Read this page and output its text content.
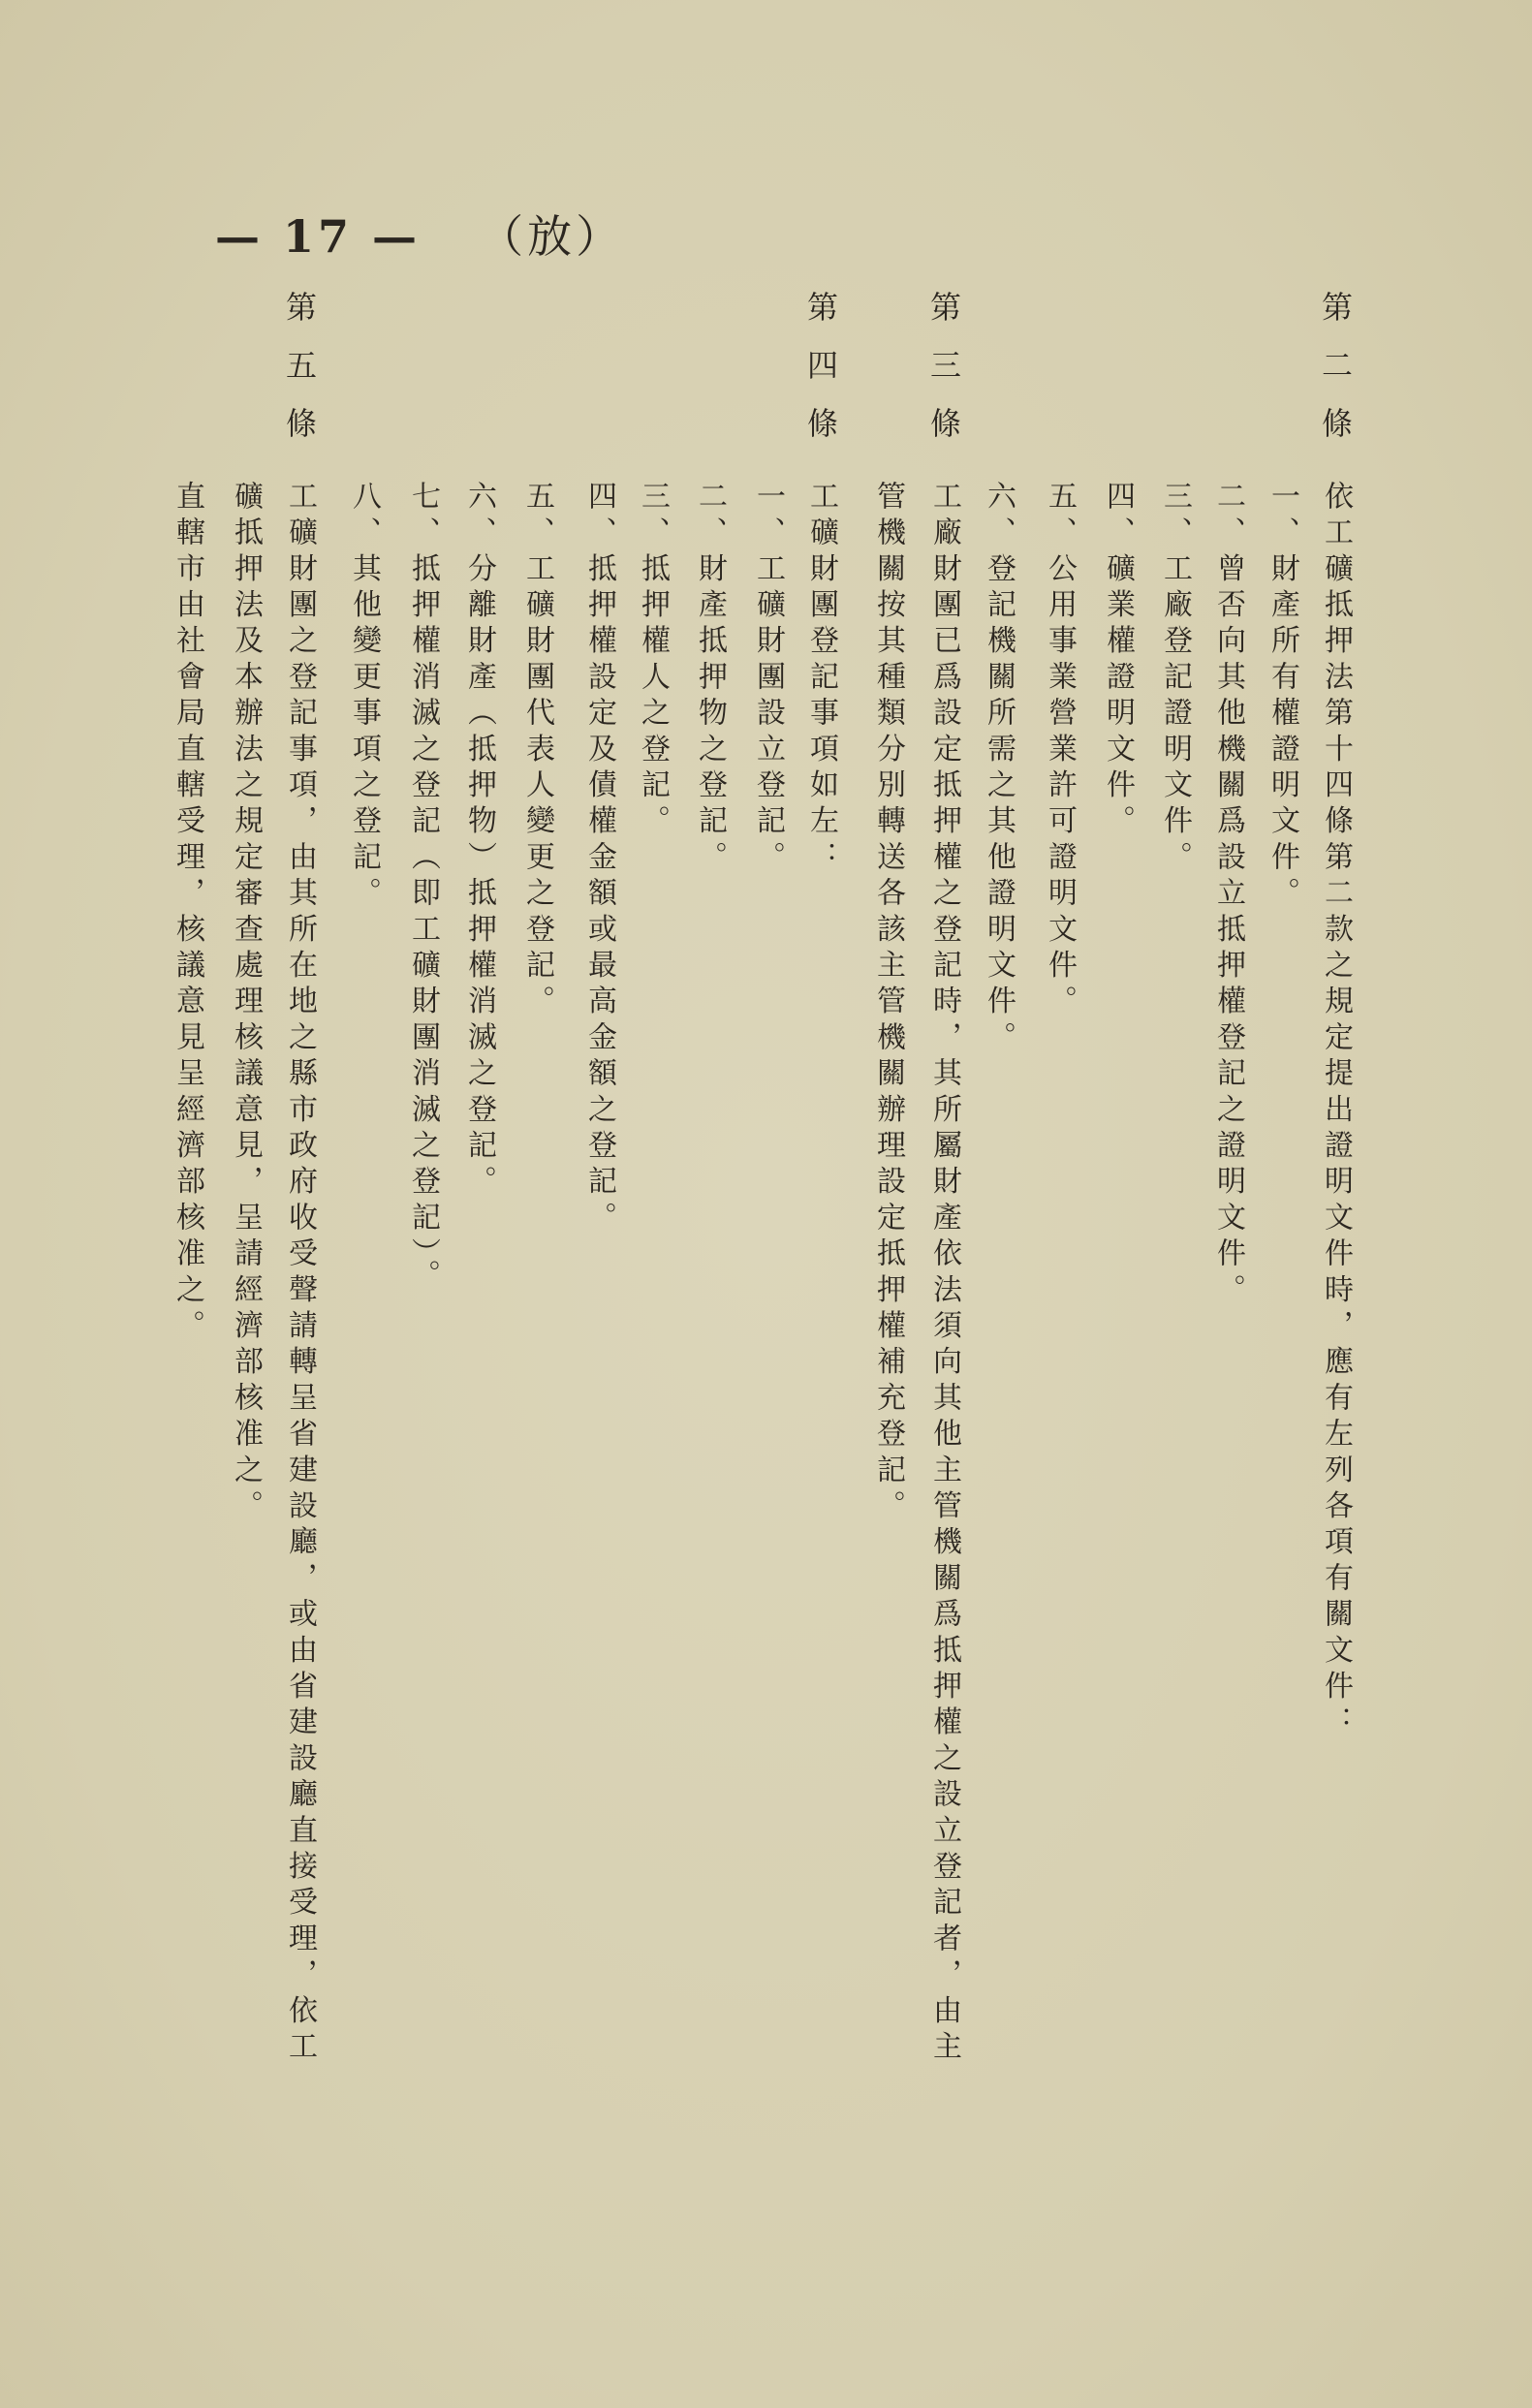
— 17 — （放）
第二條
依工礦抵押法第十四條第二款之規定提出證明文件時，應有左列各項有關文件：
一、財產所有權證明文件。
二、曾否向其他機關爲設立抵押權登記之證明文件。
三、工廠登記證明文件。
四、礦業權證明文件。
五、公用事業營業許可證明文件。
六、登記機關所需之其他證明文件。
第三條
工廠財團已爲設定抵押權之登記時，其所屬財產依法須向其他主管機關爲抵押權之設立登記者，由主
管機關按其種類分別轉送各該主管機關辦理設定抵押權補充登記。
第四條
工礦財團登記事項如左：
一、工礦財團設立登記。
二、財產抵押物之登記。
三、抵押權人之登記。
四、抵押權設定及債權金額或最高金額之登記。
五、工礦財團代表人變更之登記。
六、分離財產（抵押物）抵押權消滅之登記。
七、抵押權消滅之登記（即工礦財團消滅之登記）。
八、其他變更事項之登記。
第五條
工礦財團之登記事項，由其所在地之縣市政府收受聲請轉呈省建設廳，或由省建設廳直接受理，依工
礦抵押法及本辦法之規定審查處理核議意見，呈請經濟部核准之。
直轄市由社會局直轄受理，核議意見呈經濟部核准之。
